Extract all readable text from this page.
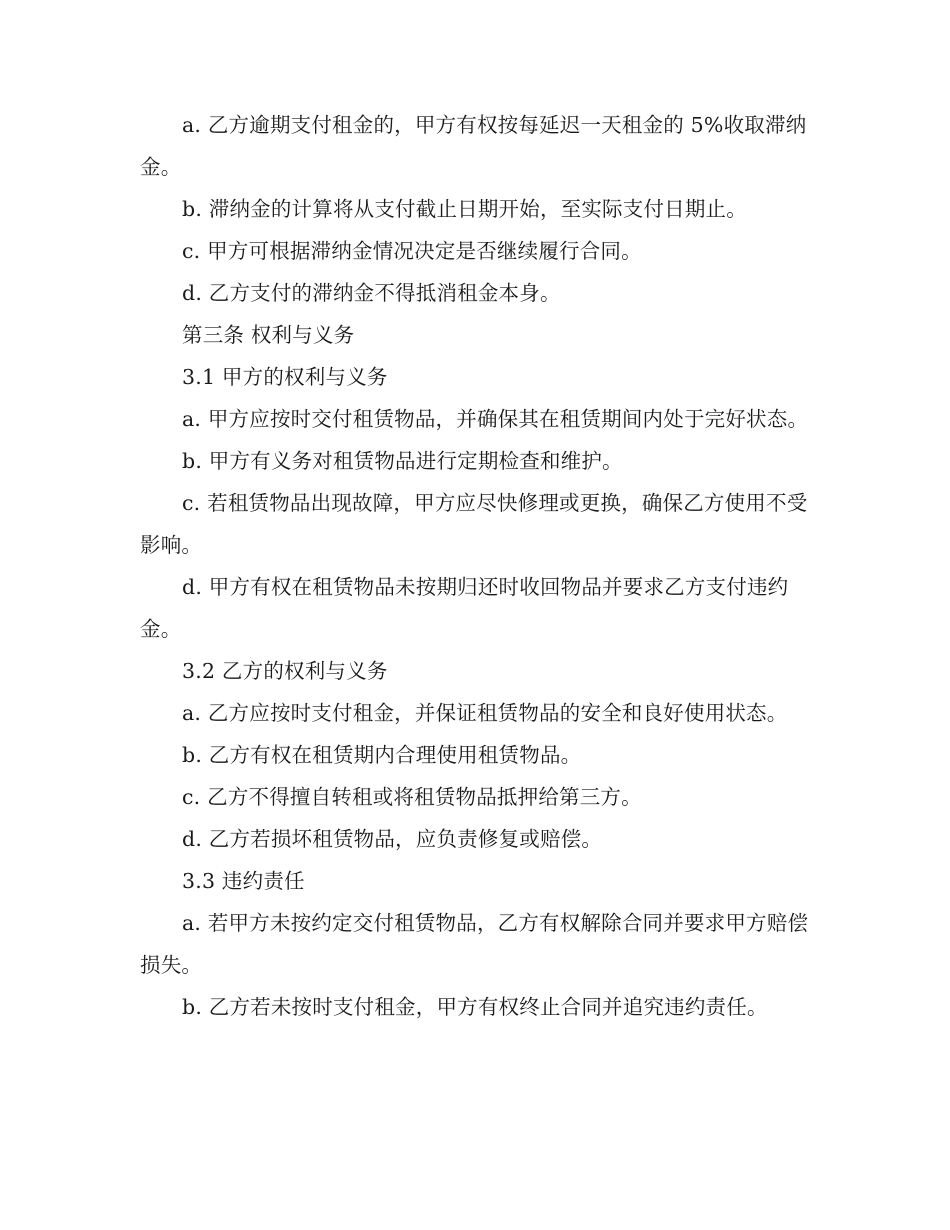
a. 乙方逾期支付租金的，甲方有权按每延迟一天租金的 5%收取滞纳金。

b. 滞纳金的计算将从支付截止日期开始，至实际支付日期止。

c. 甲方可根据滞纳金情况决定是否继续履行合同。

d. 乙方支付的滞纳金不得抵消租金本身。

第三条 权利与义务

3.1 甲方的权利与义务

a. 甲方应按时交付租赁物品，并确保其在租赁期间内处于完好状态。

b. 甲方有义务对租赁物品进行定期检查和维护。

c. 若租赁物品出现故障，甲方应尽快修理或更换，确保乙方使用不受影响。

d. 甲方有权在租赁物品未按期归还时收回物品并要求乙方支付违约金。

3.2 乙方的权利与义务

a. 乙方应按时支付租金，并保证租赁物品的安全和良好使用状态。

b. 乙方有权在租赁期内合理使用租赁物品。

c. 乙方不得擅自转租或将租赁物品抵押给第三方。

d. 乙方若损坏租赁物品，应负责修复或赔偿。

3.3 违约责任

a. 若甲方未按约定交付租赁物品，乙方有权解除合同并要求甲方赔偿损失。

b. 乙方若未按时支付租金，甲方有权终止合同并追究违约责任。
